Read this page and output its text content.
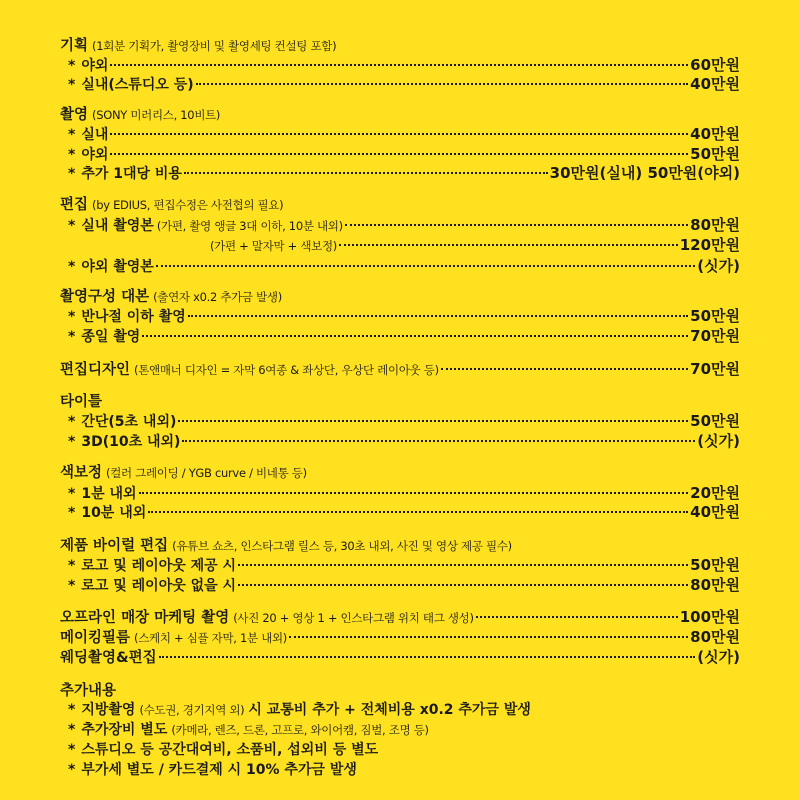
기획 (1회분 기획가, 촬영장비 및 촬영세팅 컨설팅 포함)
* 야외	60만원
* 실내(스튜디오 등)	40만원
촬영 (SONY 미러리스, 10비트)
* 실내	40만원
* 야외	50만원
* 추가 1대당 비용	30만원(실내) 50만원(야외)
편집 (by EDIUS, 편집수정은 사전협의 필요)
* 실내 촬영본 (가편, 촬영 앵글 3대 이하, 10분 내외)	80만원
(가편 + 말자막 + 색보정)	120만원
* 야외 촬영본	(싯가)
촬영구성 대본 (출연자 x0.2 추가금 발생)
* 반나절 이하 촬영	50만원
* 종일 촬영	70만원
편집디자인 (톤앤매너 디자인 = 자막 6여종 & 좌상단, 우상단 레이아웃 등)	70만원
타이틀
* 간단(5초 내외)	50만원
* 3D(10초 내외)	(싯가)
색보정 (컬러 그레이딩 / YGB curve / 비네통 등)
* 1분 내외	20만원
* 10분 내외	40만원
제품 바이럴 편집 (유튜브 쇼츠, 인스타그램 릴스 등, 30초 내외, 사진 및 영상 제공 필수)
* 로고 및 레이아웃 제공 시	50만원
* 로고 및 레이아웃 없을 시	80만원
오프라인 매장 마케팅 촬영 (사진 20 + 영상 1 + 인스타그램 위치 태그 생성)	100만원
메이킹필름 (스케치 + 심플 자막, 1분 내외)	80만원
웨딩촬영&편집	(싯가)
추가내용
* 지방촬영 (수도권, 경기지역 외) 시 교통비 추가 + 전체비용 x0.2 추가금 발생
* 추가장비 별도 (카메라, 렌즈, 드론, 고프로, 와이어캠, 짐벌, 조명 등)
* 스튜디오 등 공간대여비, 소품비, 섭외비 등 별도
* 부가세 별도 / 카드결제 시 10% 추가금 발생
